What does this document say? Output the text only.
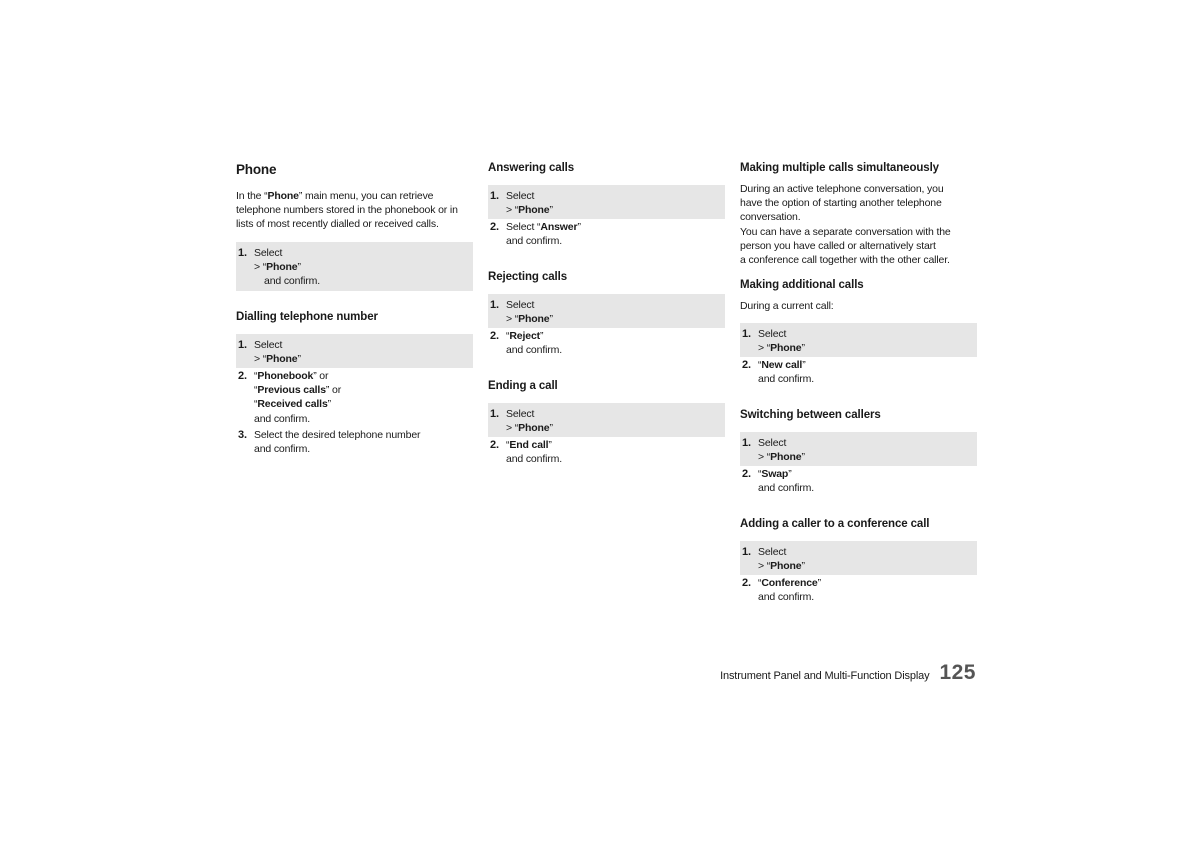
Phone
In the “Phone” main menu, you can retrieve
telephone numbers stored in the phonebook or in
lists of most recently dialled or received calls.
1. Select
> “Phone”
and confirm.
Dialling telephone number
1. Select
> “Phone”
2. “Phonebook” or
“Previous calls” or
“Received calls”
and confirm.
3. Select the desired telephone number
and confirm.
Answering calls
1. Select
> “Phone”
2. Select “Answer”
and confirm.
Rejecting calls
1. Select
> “Phone”
2. “Reject”
and confirm.
Ending a call
1. Select
> “Phone”
2. “End call”
and confirm.
Making multiple calls simultaneously
During an active telephone conversation, you
have the option of starting another telephone
conversation.
You can have a separate conversation with the
person you have called or alternatively start
a conference call together with the other caller.
Making additional calls
During a current call:
1. Select
> “Phone”
2. “New call”
and confirm.
Switching between callers
1. Select
> “Phone”
2. “Swap”
and confirm.
Adding a caller to a conference call
1. Select
> “Phone”
2. “Conference”
and confirm.
Instrument Panel and Multi-Function Display 125
